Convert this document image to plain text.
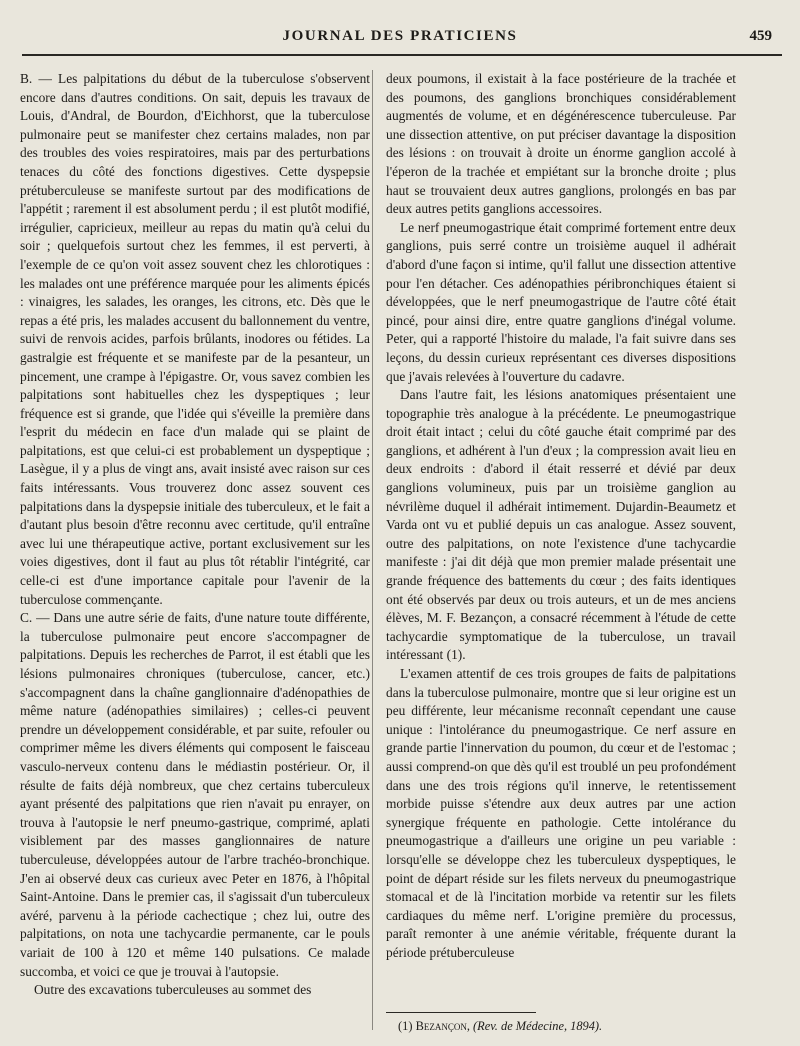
JOURNAL DES PRATICIENS	459

B. — Les palpitations du début de la tuberculose s'observent encore dans d'autres conditions. On sait, depuis les travaux de Louis, d'Andral, de Bourdon, d'Eichhorst, que la tuberculose pulmonaire peut se manifester chez certains malades, non par des troubles des voies respiratoires, mais par des perturbations tenaces du côté des fonctions digestives. Cette dyspepsie prétuberculeuse se manifeste surtout par des modifications de l'appétit ; rarement il est absolument perdu ; il est plutôt modifié, irrégulier, capricieux, meilleur au repas du matin qu'à celui du soir ; quelquefois surtout chez les femmes, il est perverti, à l'exemple de ce qu'on voit assez souvent chez les chlorotiques : les malades ont une préférence marquée pour les aliments épicés : vinaigres, les salades, les oranges, les citrons, etc. Dès que le repas a été pris, les malades accusent du ballonnement du ventre, suivi de renvois acides, parfois brûlants, inodores ou fétides. La gastralgie est fréquente et se manifeste par de la pesanteur, un pincement, une crampe à l'épigastre. Or, vous savez combien les palpitations sont habituelles chez les dyspeptiques ; leur fréquence est si grande, que l'idée qui s'éveille la première dans l'esprit du médecin en face d'un malade qui se plaint de palpitations, est que celui-ci est probablement un dyspeptique ; Lasègue, il y a plus de vingt ans, avait insisté avec raison sur ces faits intéressants. Vous trouverez donc assez souvent ces palpitations dans la dyspepsie initiale des tuberculeux, et le fait a d'autant plus besoin d'être reconnu avec certitude, qu'il entraîne avec lui une thérapeutique active, portant exclusivement sur les voies digestives, dont il faut au plus tôt rétablir l'intégrité, car celle-ci est d'une importance capitale pour l'avenir de la tuberculose commençante.

C. — Dans une autre série de faits, d'une nature toute différente, la tuberculose pulmonaire peut encore s'accompagner de palpitations. Depuis les recherches de Parrot, il est établi que les lésions pulmonaires chroniques (tuberculose, cancer, etc.) s'accompagnent dans la chaîne ganglionnaire d'adénopathies de même nature (adénopathies similaires) ; celles-ci peuvent prendre un développement considérable, et par suite, refouler ou comprimer même les divers éléments qui composent le faisceau vasculo-nerveux contenu dans le médiastin postérieur. Or, il résulte de faits déjà nombreux, que chez certains tuberculeux ayant présenté des palpitations que rien n'avait pu enrayer, on trouva à l'autopsie le nerf pneumo-gastrique, comprimé, aplati visiblement par des masses ganglionnaires de nature tuberculeuse, développées autour de l'arbre trachéo-bronchique. J'en ai observé deux cas curieux avec Peter en 1876, à l'hôpital Saint-Antoine. Dans le premier cas, il s'agissait d'un tuberculeux avéré, parvenu à la période cachectique ; chez lui, outre des palpitations, on nota une tachycardie permanente, car le pouls variait de 100 à 120 et même 140 pulsations. Ce malade succomba, et voici ce que je trouvai à l'autopsie.

Outre des excavations tuberculeuses au sommet des

deux poumons, il existait à la face postérieure de la trachée et des poumons, des ganglions bronchiques considérablement augmentés de volume, et en dégénérescence tuberculeuse. Par une dissection attentive, on put préciser davantage la disposition des lésions : on trouvait à droite un énorme ganglion accolé à l'éperon de la trachée et empiétant sur la bronche droite ; plus haut se trouvaient deux autres ganglions, prolongés en bas par deux autres petits ganglions accessoires.

Le nerf pneumogastrique était comprimé fortement entre deux ganglions, puis serré contre un troisième auquel il adhérait d'abord d'une façon si intime, qu'il fallut une dissection attentive pour l'en détacher. Ces adénopathies péribronchiques étaient si développées, que le nerf pneumogastrique de l'autre côté était pincé, pour ainsi dire, entre quatre ganglions d'inégal volume. Peter, qui a rapporté l'histoire du malade, l'a fait suivre dans ses leçons, du dessin curieux représentant ces diverses dispositions que j'avais relevées à l'ouverture du cadavre.

Dans l'autre fait, les lésions anatomiques présentaient une topographie très analogue à la précédente. Le pneumogastrique droit était intact ; celui du côté gauche était comprimé par des ganglions, et adhérent à l'un d'eux ; la compression avait lieu en deux endroits : d'abord il était resserré et dévié par deux ganglions volumineux, puis par un troisième ganglion au névrilème duquel il adhérait intimement. Dujardin-Beaumetz et Varda ont vu et publié depuis un cas analogue. Assez souvent, outre des palpitations, on note l'existence d'une tachycardie manifeste : j'ai dit déjà que mon premier malade présentait une grande fréquence des battements du cœur ; des faits identiques ont été observés par deux ou trois auteurs, et un de mes anciens élèves, M. F. Bezançon, a consacré récemment à l'étude de cette tachycardie symptomatique de la tuberculose, un travail intéressant (1).

L'examen attentif de ces trois groupes de faits de palpitations dans la tuberculose pulmonaire, montre que si leur origine est un peu différente, leur mécanisme reconnaît cependant une cause unique : l'intolérance du pneumogastrique. Ce nerf assure en grande partie l'innervation du poumon, du cœur et de l'estomac ; aussi comprend-on que dès qu'il est troublé un peu profondément dans une des trois régions qu'il innerve, le retentissement morbide puisse s'étendre aux deux autres par une action synergique fréquente en pathologie. Cette intolérance du pneumogastrique a d'ailleurs une origine un peu variable : lorsqu'elle se développe chez les tuberculeux dyspeptiques, le point de départ réside sur les filets nerveux du pneumogastrique stomacal et de là l'incitation morbide va retentir sur les filets cardiaques du même nerf. L'origine première du processus, paraît remonter à une anémie véritable, fréquente durant la période prétuberculeuse

(1) Bezançon, (Rev. de Médecine, 1894).
